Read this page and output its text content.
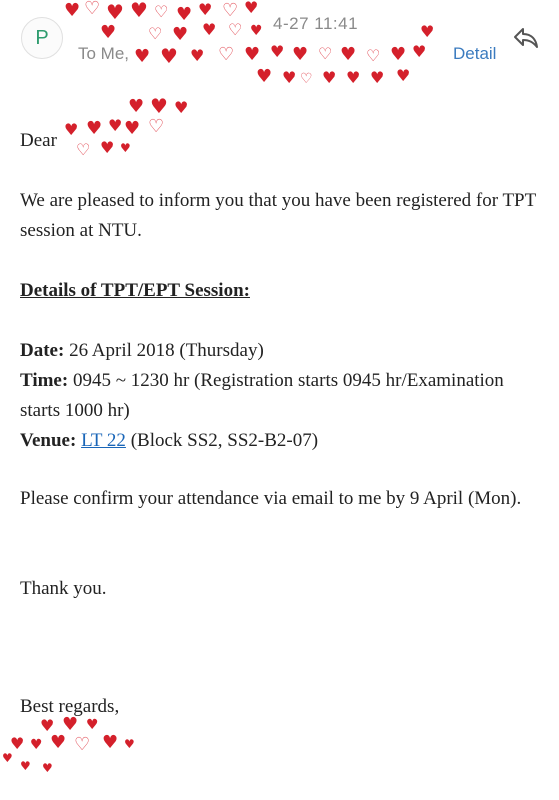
P
4-27 11:41
To Me,	Detail
♥ ♡ ♥ ♥ ♡ ♥ ♥ ♡ ♥
♥ ♡ ♥ ♥ ♡ ♥
♥ ♥ ♥ ♡ ♥ ♥ ♥ ♡ ♥ ♡ ♥ ♥
♥
♥ ♥ ♡ ♥ ♥ ♥ ♥
Dear
♥ ♥ ♥
♥ ♥ ♥ ♥ ♡
♡ ♥ ♥

We are pleased to inform you that you have been registered for TPT session at NTU.

Details of TPT/EPT Session:

Date: 26 April 2018 (Thursday)

Time: 0945 ~ 1230 hr (Registration starts 0945 hr/Examination starts 1000 hr)

Venue: LT 22 (Block SS2, SS2-B2-07)

Please confirm your attendance via email to me by 9 April (Mon).

Thank you.

Best regards,

♥ ♥ ♥
♥ ♥ ♥ ♡ ♥ ♥
♥ ♥
♥
